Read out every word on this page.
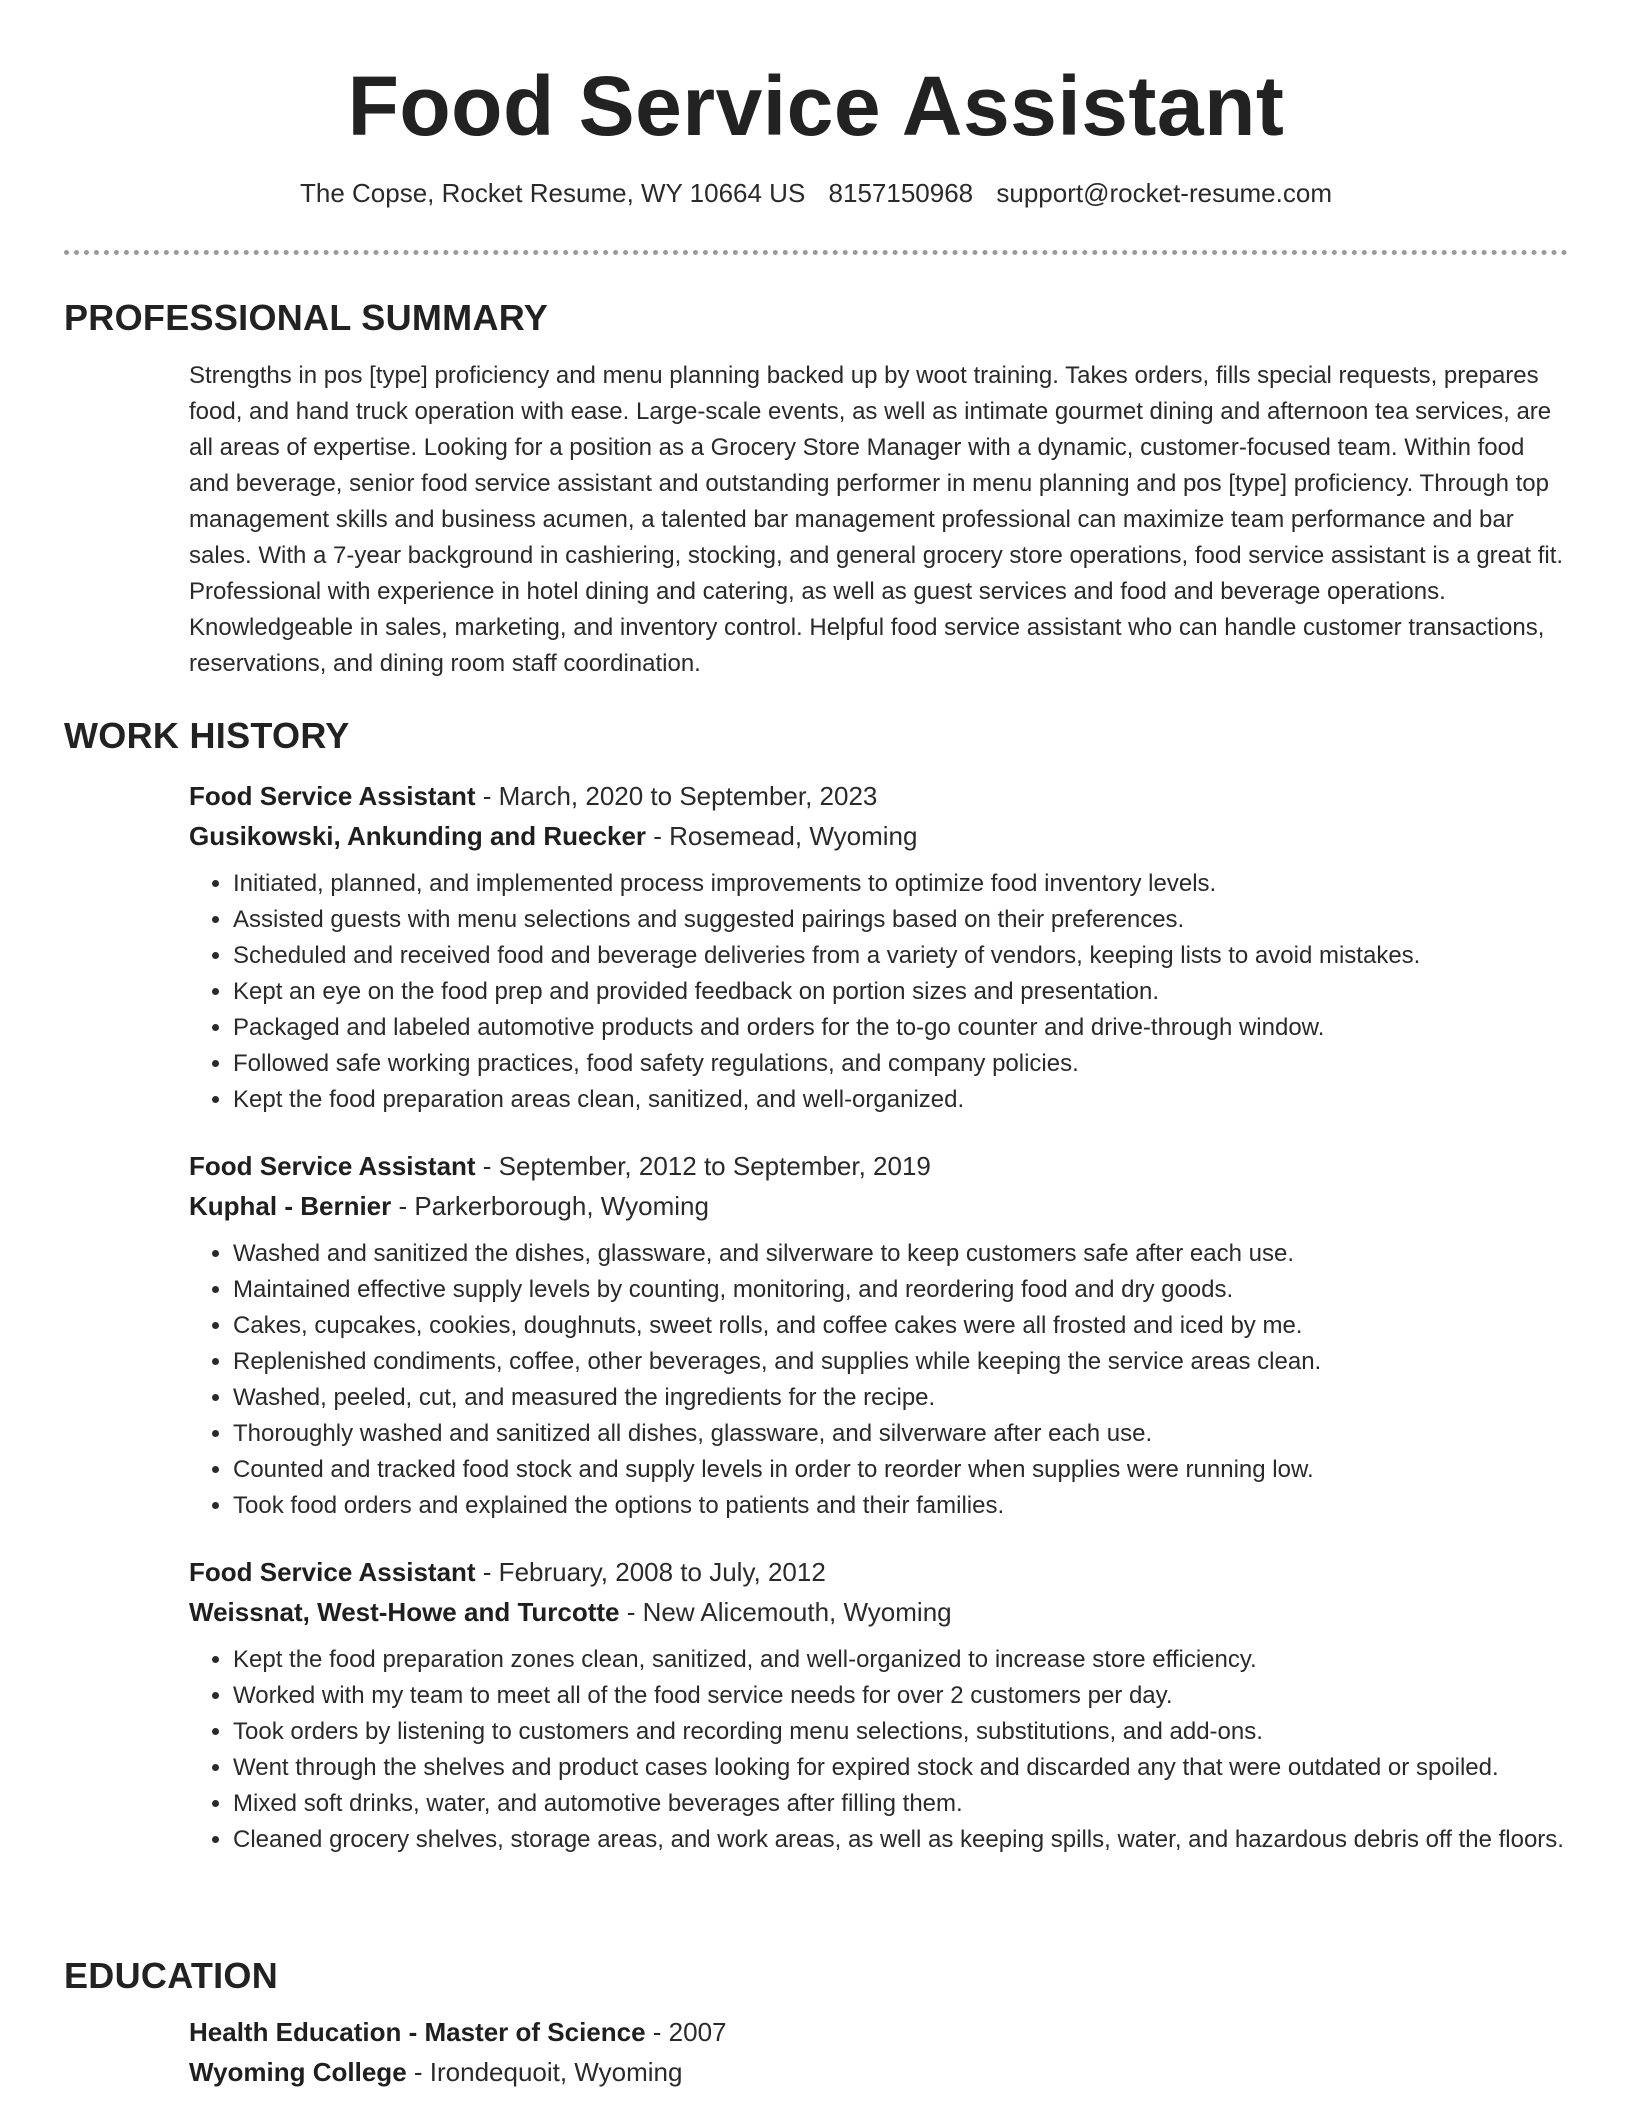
Food Service Assistant
The Copse, Rocket Resume, WY 10664 US 8157150968 support@rocket-resume.com
PROFESSIONAL SUMMARY

Strengths in pos [type] proficiency and menu planning backed up by woot training. Takes orders, fills special requests, prepares food, and hand truck operation with ease. Large-scale events, as well as intimate gourmet dining and afternoon tea services, are all areas of expertise. Looking for a position as a Grocery Store Manager with a dynamic, customer-focused team. Within food and beverage, senior food service assistant and outstanding performer in menu planning and pos [type] proficiency. Through top management skills and business acumen, a talented bar management professional can maximize team performance and bar sales. With a 7-year background in cashiering, stocking, and general grocery store operations, food service assistant is a great fit. Professional with experience in hotel dining and catering, as well as guest services and food and beverage operations. Knowledgeable in sales, marketing, and inventory control. Helpful food service assistant who can handle customer transactions, reservations, and dining room staff coordination.

WORK HISTORY
Food Service Assistant - March, 2020 to September, 2023
Gusikowski, Ankunding and Ruecker - Rosemead, Wyoming
• Initiated, planned, and implemented process improvements to optimize food inventory levels.
• Assisted guests with menu selections and suggested pairings based on their preferences.
• Scheduled and received food and beverage deliveries from a variety of vendors, keeping lists to avoid mistakes.
• Kept an eye on the food prep and provided feedback on portion sizes and presentation.
• Packaged and labeled automotive products and orders for the to-go counter and drive-through window.
• Followed safe working practices, food safety regulations, and company policies.
• Kept the food preparation areas clean, sanitized, and well-organized.
Food Service Assistant - September, 2012 to September, 2019
Kuphal - Bernier - Parkerborough, Wyoming
• Washed and sanitized the dishes, glassware, and silverware to keep customers safe after each use.
• Maintained effective supply levels by counting, monitoring, and reordering food and dry goods.
• Cakes, cupcakes, cookies, doughnuts, sweet rolls, and coffee cakes were all frosted and iced by me.
• Replenished condiments, coffee, other beverages, and supplies while keeping the service areas clean.
• Washed, peeled, cut, and measured the ingredients for the recipe.
• Thoroughly washed and sanitized all dishes, glassware, and silverware after each use.
• Counted and tracked food stock and supply levels in order to reorder when supplies were running low.
• Took food orders and explained the options to patients and their families.
Food Service Assistant - February, 2008 to July, 2012
Weissnat, West-Howe and Turcotte - New Alicemouth, Wyoming
• Kept the food preparation zones clean, sanitized, and well-organized to increase store efficiency.
• Worked with my team to meet all of the food service needs for over 2 customers per day.
• Took orders by listening to customers and recording menu selections, substitutions, and add-ons.
• Went through the shelves and product cases looking for expired stock and discarded any that were outdated or spoiled.
• Mixed soft drinks, water, and automotive beverages after filling them.
• Cleaned grocery shelves, storage areas, and work areas, as well as keeping spills, water, and hazardous debris off the floors.
EDUCATION
Health Education - Master of Science - 2007
Wyoming College - Irondequoit, Wyoming
